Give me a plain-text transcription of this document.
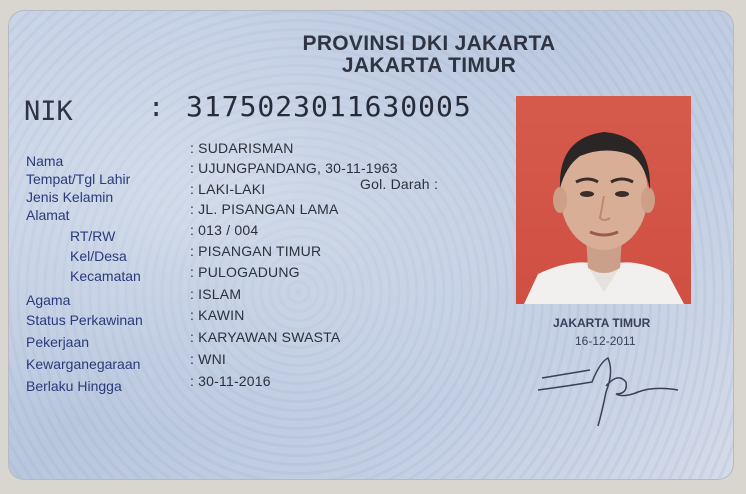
PROVINSI DKI JAKARTA
JAKARTA TIMUR
NIK	: 3175023011630005
Nama
Tempat/Tgl Lahir
Jenis Kelamin
Alamat
RT/RW
Kel/Desa
Kecamatan
Agama
Status Perkawinan
Pekerjaan
Kewarganegaraan
Berlaku Hingga
: SUDARISMAN
: UJUNGPANDANG, 30-11-1963
: LAKI-LAKI
: JL. PISANGAN LAMA
: 013 / 004
: PISANGAN TIMUR
: PULOGADUNG
: ISLAM
: KAWIN
: KARYAWAN SWASTA
: WNI
: 30-11-2016
Gol. Darah :
JAKARTA TIMUR
16-12-2011
